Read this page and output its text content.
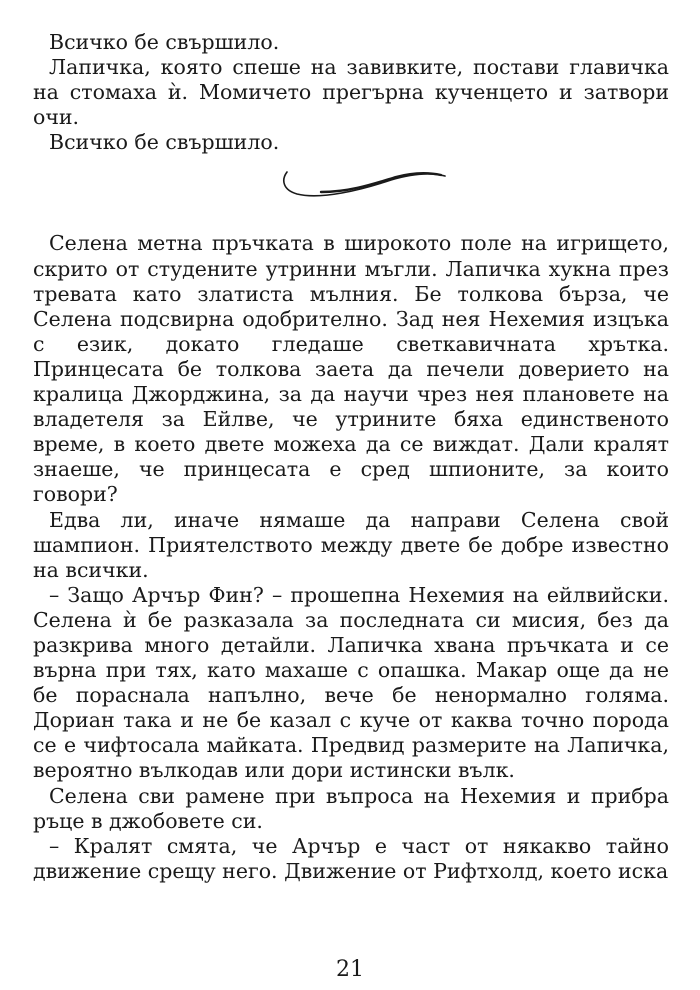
Всичко бе свършило.

Лапичка, която спеше на завивките, постави главичка на стомаха ѝ. Момичето прегърна кученцето и затвори очи.

Всичко бе свършило.

Селена метна пръчката в широкото поле на игрището, скрито от студените утринни мъгли. Лапичка хукна през тревата като златиста мълния. Бе толкова бърза, че Селена подсвирна одобрително. Зад нея Нехемия изцъка с език, докато гледаше светкавичната хрътка. Принцесата бе толкова заета да печели доверието на кралица Джорджина, за да научи чрез нея плановете на владетеля за Ейлве, че утрините бяха единственото време, в което двете можеха да се виждат. Дали кралят знаеше, че принцесата е сред шпионите, за които говори?

Едва ли, иначе нямаше да направи Селена свой шампион. Приятелството между двете бе добре известно на всички.

– Защо Арчър Фин? – прошепна Нехемия на ейлвийски. Селена ѝ бе разказала за последната си мисия, без да разкрива много детайли. Лапичка хвана пръчката и се върна при тях, като махаше с опашка. Макар още да не бе пораснала напълно, вече бе ненормално голяма. Дориан така и не бе казал с куче от каква точно порода се е чифтосала майката. Предвид размерите на Лапичка, вероятно вълкодав или дори истински вълк.

Селена сви рамене при въпроса на Нехемия и прибра ръце в джобовете си.

– Кралят смята, че Арчър е част от някакво тайно движение срещу него. Движение от Рифтхолд, което иска

21
